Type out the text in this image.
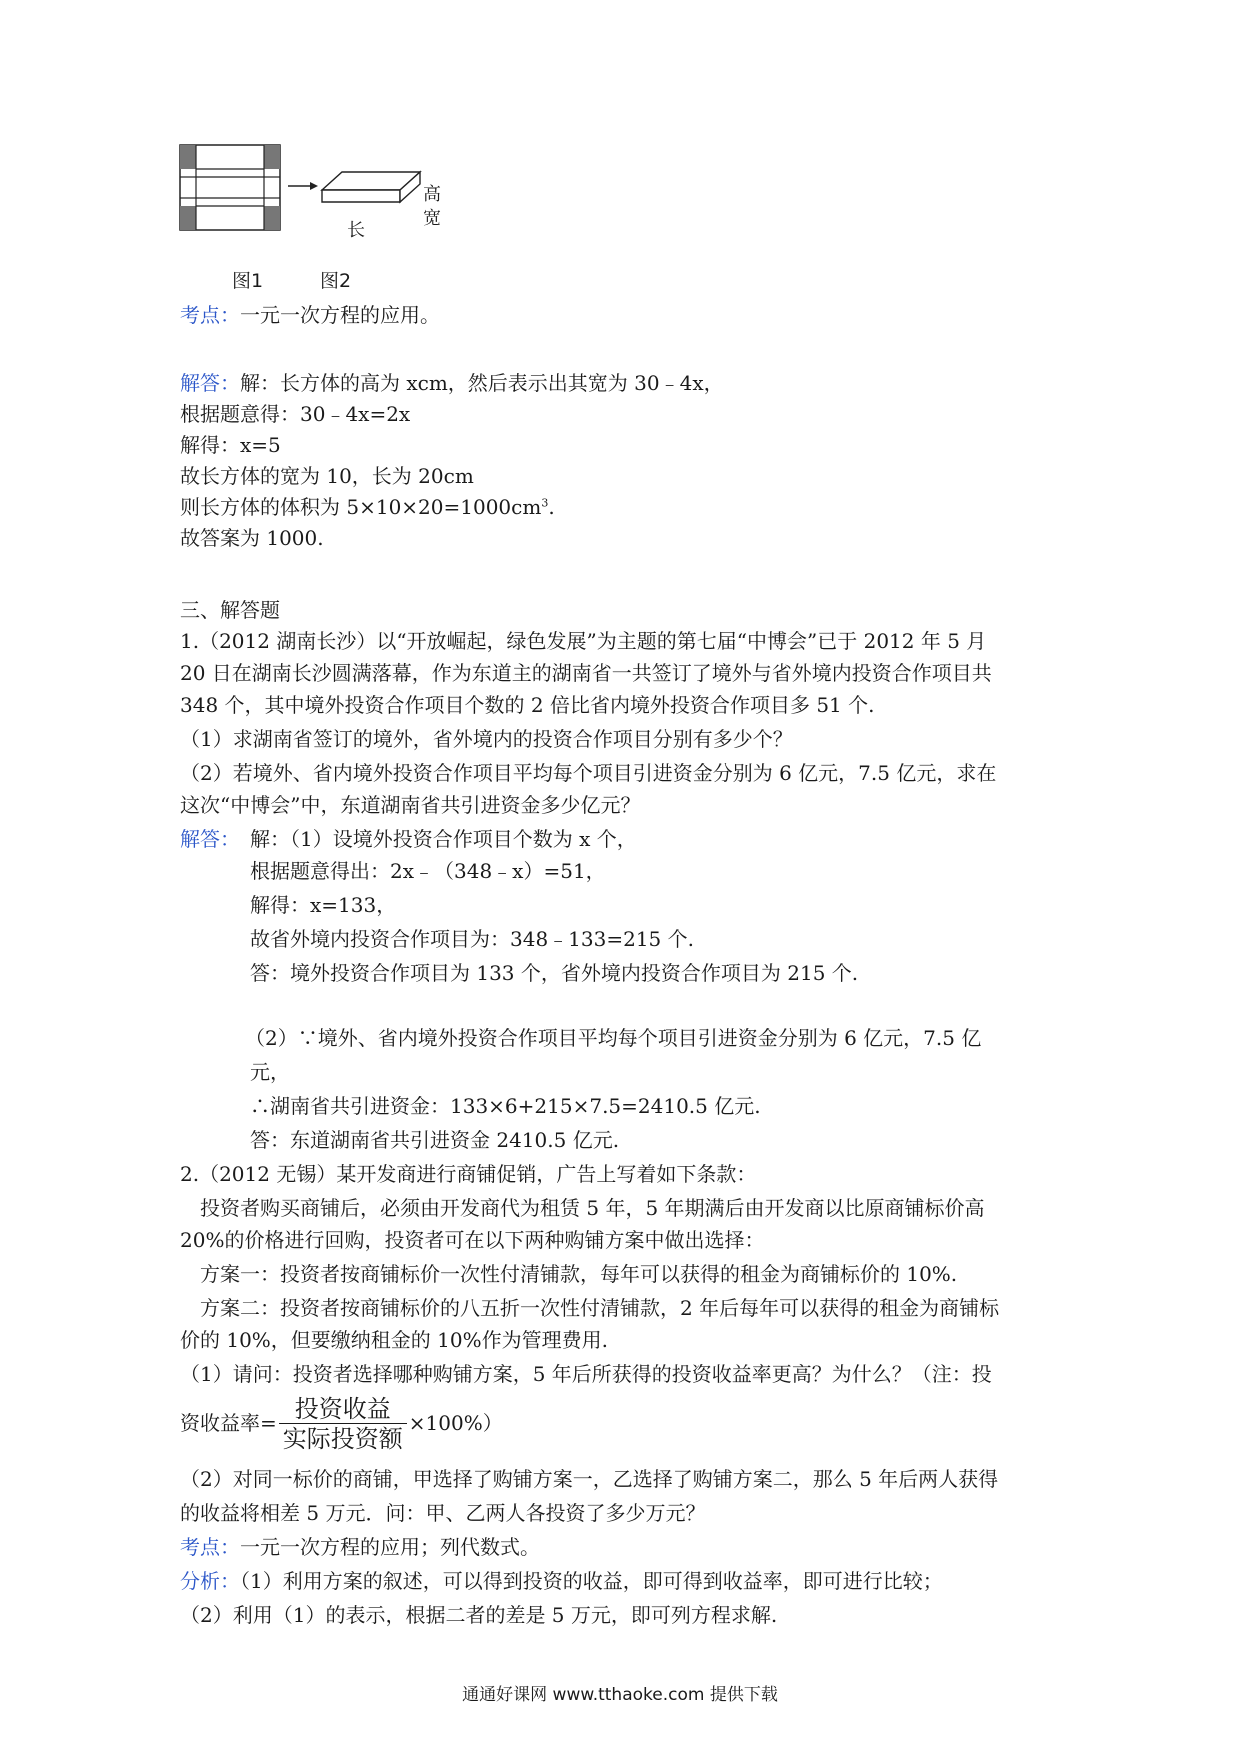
高
宽
长
图1	图2
考点：一元一次方程的应用。
解答：解：长方体的高为 xcm，然后表示出其宽为 30﹣4x，
根据题意得：30﹣4x=2x
解得：x=5
故长方体的宽为 10，长为 20cm
则长方体的体积为 $5\times 10\times 20=1000cm^3$.
故答案为 1000.
三、解答题
1.（2012 湖南长沙）以“开放崛起，绿色发展”为主题的第七届“中博会”已于 2012 年 5 月
20 日在湖南长沙圆满落幕，作为东道主的湖南省一共签订了境外与省外境内投资合作项目共
348 个，其中境外投资合作项目个数的 2 倍比省内境外投资合作项目多 51 个.
（1）求湖南省签订的境外，省外境内的投资合作项目分别有多少个？
（2）若境外、省内境外投资合作项目平均每个项目引进资金分别为 6 亿元，7.5 亿元，求在
这次“中博会”中，东道湖南省共引进资金多少亿元？
解答： 解：（1）设境外投资合作项目个数为 x 个，
根据题意得出：2x﹣（348﹣x）=51，
解得：x=133，
故省外境内投资合作项目为：348﹣133=215 个.
答：境外投资合作项目为 133 个，省外境内投资合作项目为 215 个.
（2）∵境外、省内境外投资合作项目平均每个项目引进资金分别为 6 亿元，7.5 亿
元，
∴湖南省共引进资金：133×6+215×7.5=2410.5 亿元.
答：东道湖南省共引进资金 2410.5 亿元.
2.（2012 无锡）某开发商进行商铺促销，广告上写着如下条款：
投资者购买商铺后，必须由开发商代为租赁 5 年，5 年期满后由开发商以比原商铺标价高
20%的价格进行回购，投资者可在以下两种购铺方案中做出选择：
方案一：投资者按商铺标价一次性付清铺款，每年可以获得的租金为商铺标价的 10%.
方案二：投资者按商铺标价的八五折一次性付清铺款，2 年后每年可以获得的租金为商铺标
价的 10%，但要缴纳租金的 10%作为管理费用.
（1）请问：投资者选择哪种购铺方案，5 年后所获得的投资收益率更高？为什么？（注：投
资收益率= $\frac{\text{投资收益}}{\text{实际投资额}} \times 100\%$）
（2）对同一标价的商铺，甲选择了购铺方案一，乙选择了购铺方案二，那么 5 年后两人获得
的收益将相差 5 万元．问：甲、乙两人各投资了多少万元？
考点：一元一次方程的应用；列代数式。
分析：（1）利用方案的叙述，可以得到投资的收益，即可得到收益率，即可进行比较；
（2）利用（1）的表示，根据二者的差是 5 万元，即可列方程求解.
通通好课网 www.tthaoke.com 提供下载
